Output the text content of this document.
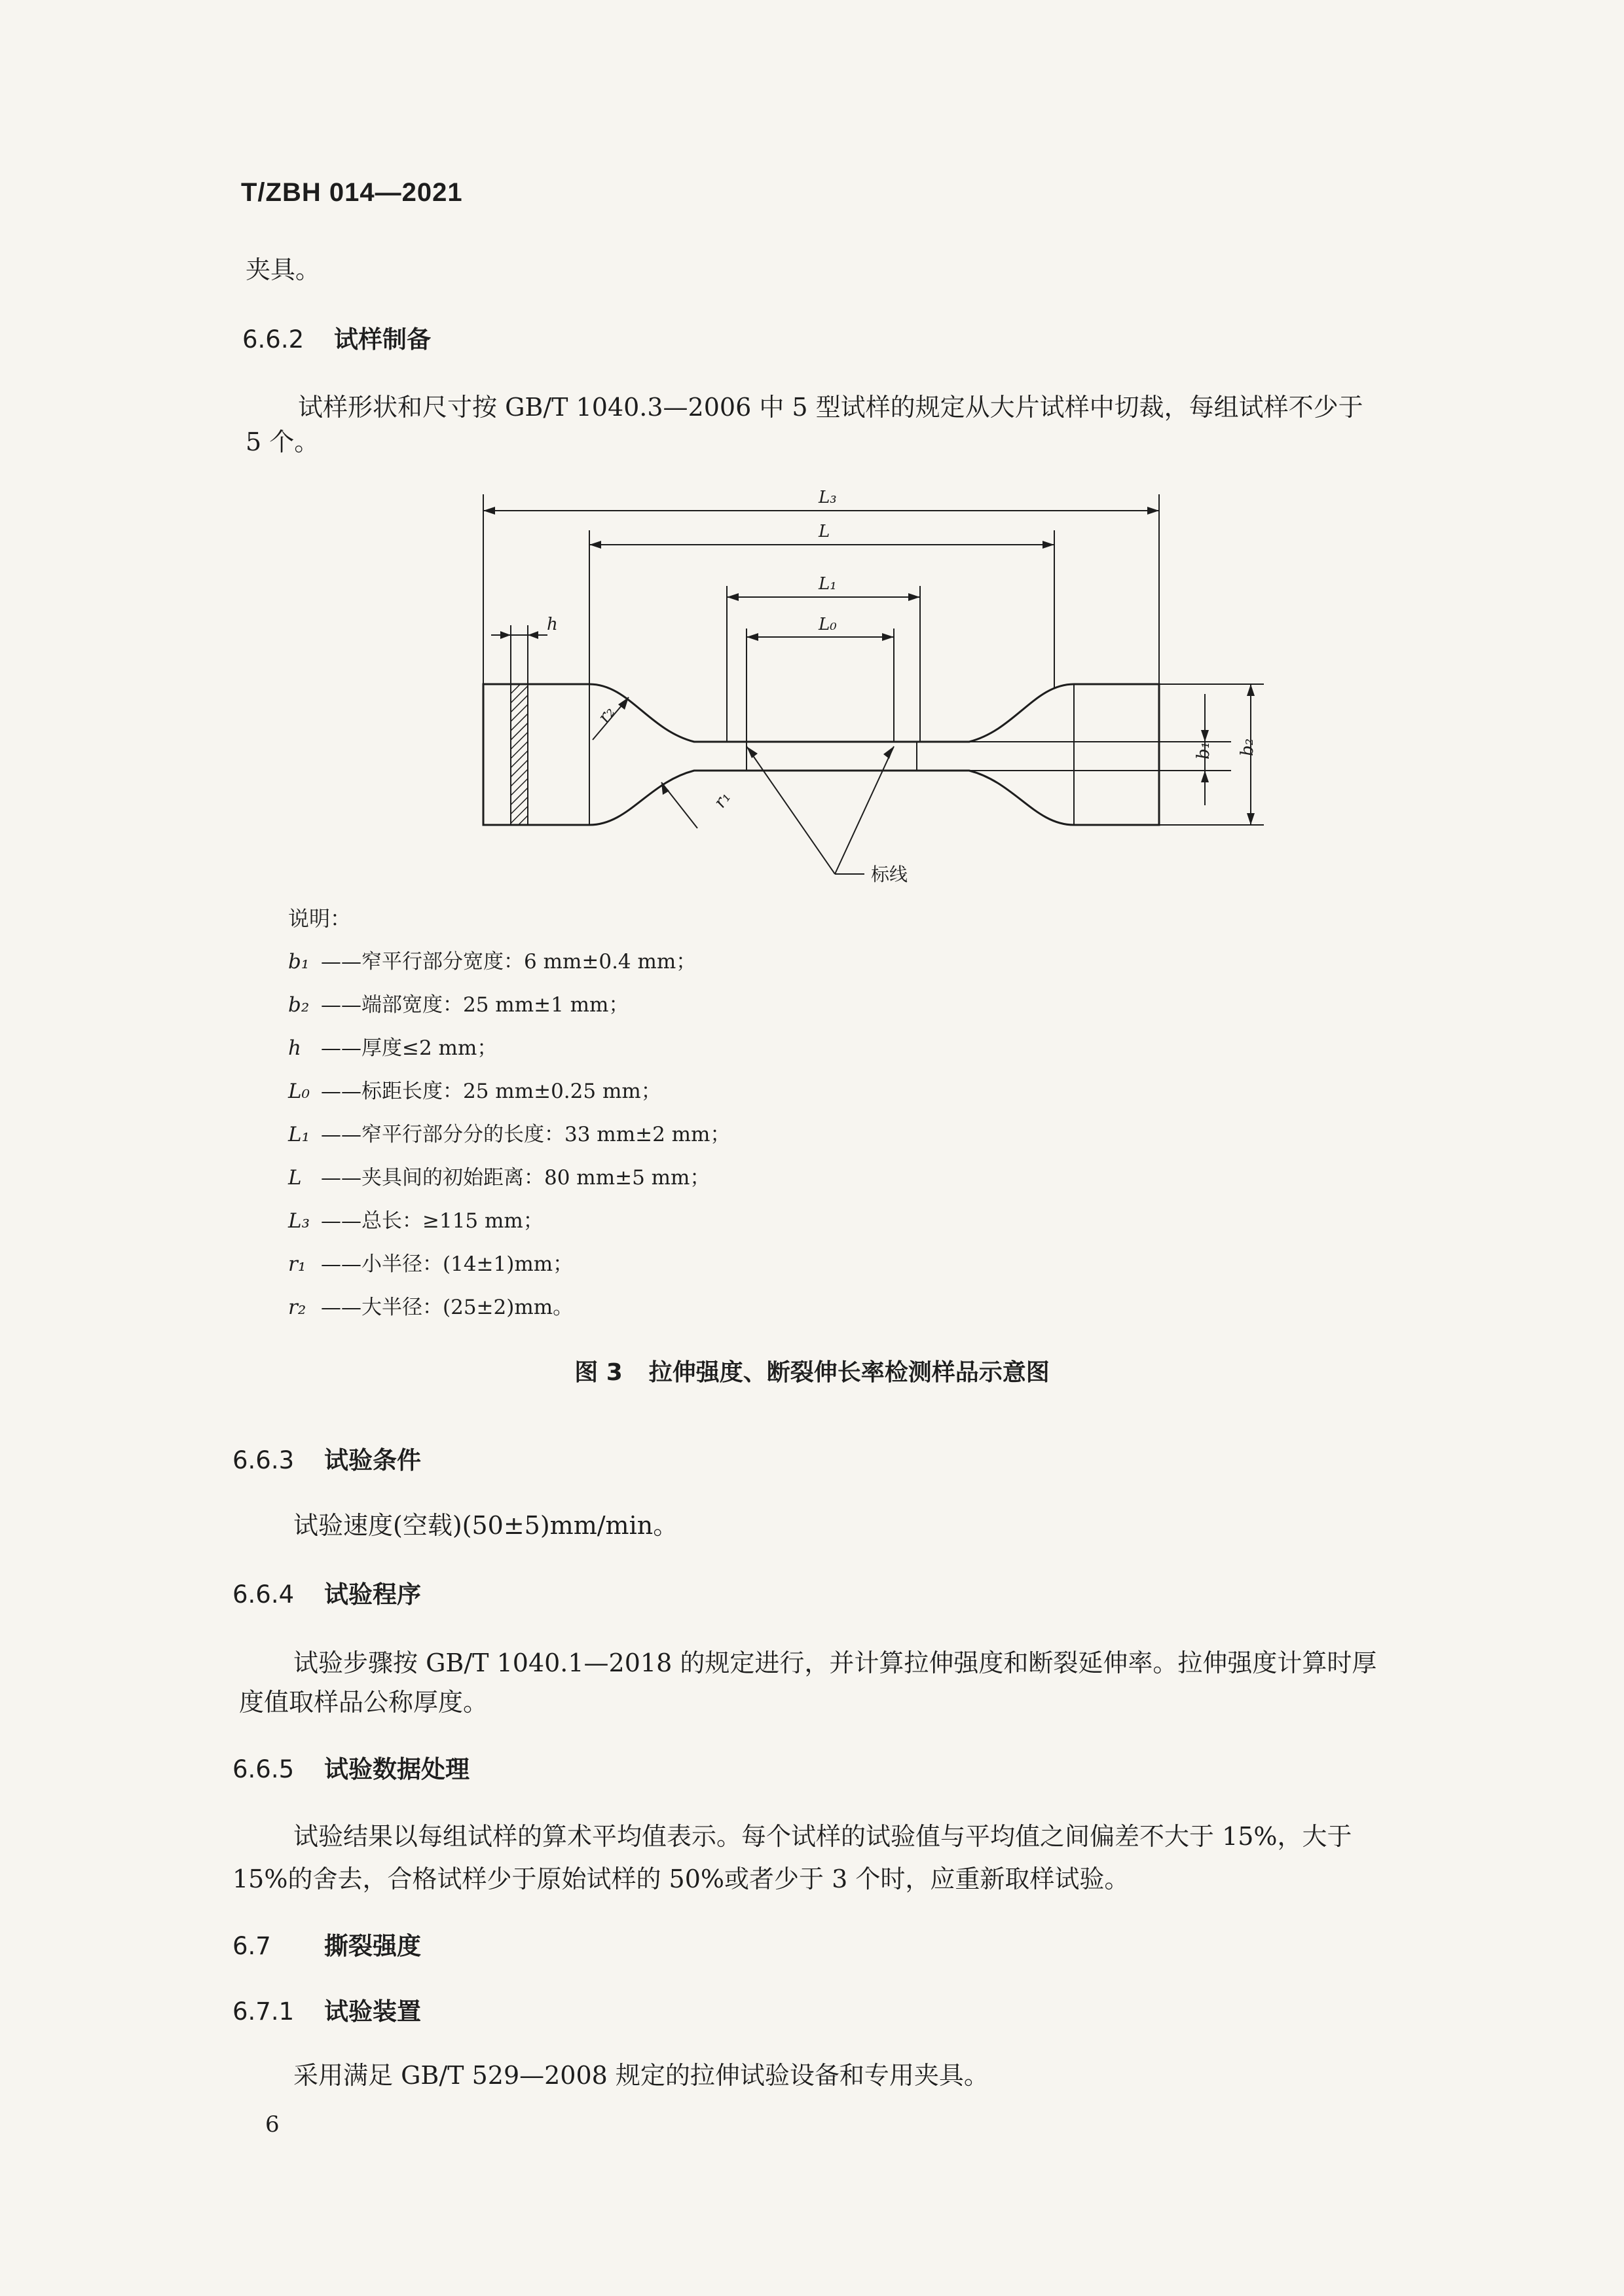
T/ZBH 014—2021
夹具。
6.6.2 试样制备
试样形状和尺寸按 GB/T 1040.3—2006 中 5 型试样的规定从大片试样中切裁，每组试样不少于
5 个。
L₃
L
L₁
L₀
h
r₂
r₁
b₁ b₂
标线
说明：
b₁ ——窄平行部分宽度：6 mm±0.4 mm；
b₂ ——端部宽度：25 mm±1 mm；
h ——厚度≤2 mm；
L₀ ——标距长度：25 mm±0.25 mm；
L₁ ——窄平行部分分的长度：33 mm±2 mm；
L ——夹具间的初始距离：80 mm±5 mm；
L₃ ——总长：≥115 mm；
r₁ ——小半径：(14±1)mm；
r₂ ——大半径：(25±2)mm。
图 3 拉伸强度、断裂伸长率检测样品示意图
6.6.3 试验条件
试验速度(空载)(50±5)mm/min。
6.6.4 试验程序
试验步骤按 GB/T 1040.1—2018 的规定进行，并计算拉伸强度和断裂延伸率。拉伸强度计算时厚
度值取样品公称厚度。
6.6.5 试验数据处理
试验结果以每组试样的算术平均值表示。每个试样的试验值与平均值之间偏差不大于 15%，大于
15%的舍去，合格试样少于原始试样的 50%或者少于 3 个时，应重新取样试验。
6.7 撕裂强度
6.7.1 试验装置
采用满足 GB/T 529—2008 规定的拉伸试验设备和专用夹具。
6
